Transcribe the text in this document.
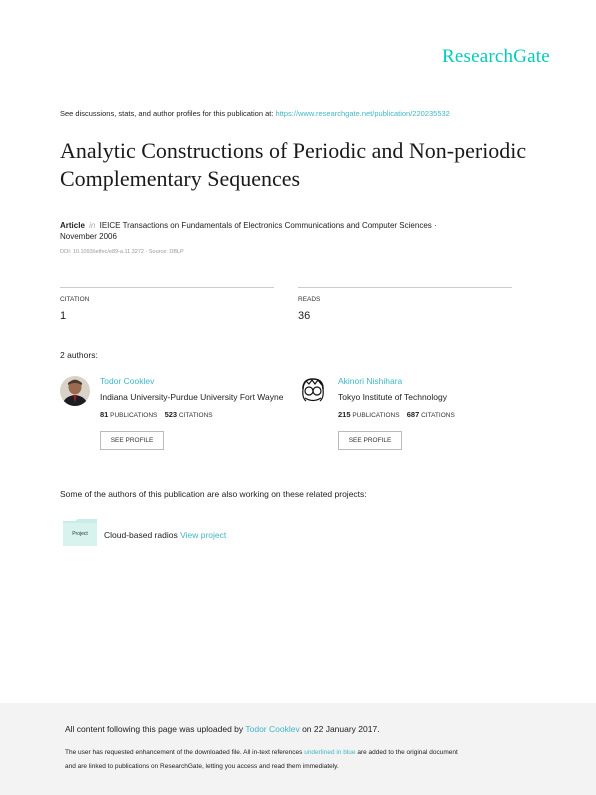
ResearchGate
See discussions, stats, and author profiles for this publication at: https://www.researchgate.net/publication/220235532
Analytic Constructions of Periodic and Non-periodic Complementary Sequences
Article in IEICE Transactions on Fundamentals of Electronics Communications and Computer Sciences ·
November 2006
DOI: 10.1093/ietfec/e89-a.11.3272 · Source: DBLP
CITATION
1
READS
36
2 authors:
Todor Cooklev
Indiana University-Purdue University Fort Wayne
81 PUBLICATIONS 523 CITATIONS
SEE PROFILE
Akinori Nishihara
Tokyo Institute of Technology
215 PUBLICATIONS 687 CITATIONS
SEE PROFILE
Some of the authors of this publication are also working on these related projects:
Project	Cloud-based radios View project
All content following this page was uploaded by Todor Cooklev on 22 January 2017.
The user has requested enhancement of the downloaded file. All in-text references underlined in blue are added to the original document
and are linked to publications on ResearchGate, letting you access and read them immediately.
